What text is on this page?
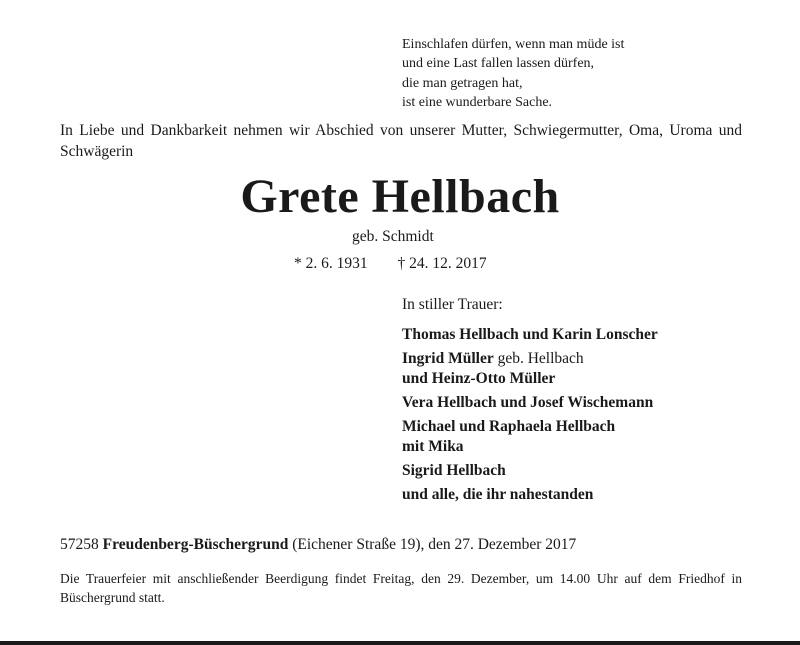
Einschlafen dürfen, wenn man müde ist
und eine Last fallen lassen dürfen,
die man getragen hat,
ist eine wunderbare Sache.
In Liebe und Dankbarkeit nehmen wir Abschied von unserer Mutter, Schwiegermutter, Oma, Uroma und Schwägerin
Grete Hellbach
geb. Schmidt
* 2. 6. 1931 † 24. 12. 2017
In stiller Trauer:
Thomas Hellbach und Karin Lonscher
Ingrid Müller geb. Hellbach
und Heinz-Otto Müller
Vera Hellbach und Josef Wischemann
Michael und Raphaela Hellbach
mit Mika
Sigrid Hellbach
und alle, die ihr nahestanden
57258 Freudenberg-Büschergrund (Eichener Straße 19), den 27. Dezember 2017
Die Trauerfeier mit anschließender Beerdigung findet Freitag, den 29. Dezember, um 14.00 Uhr auf dem Friedhof in Büschergrund statt.
